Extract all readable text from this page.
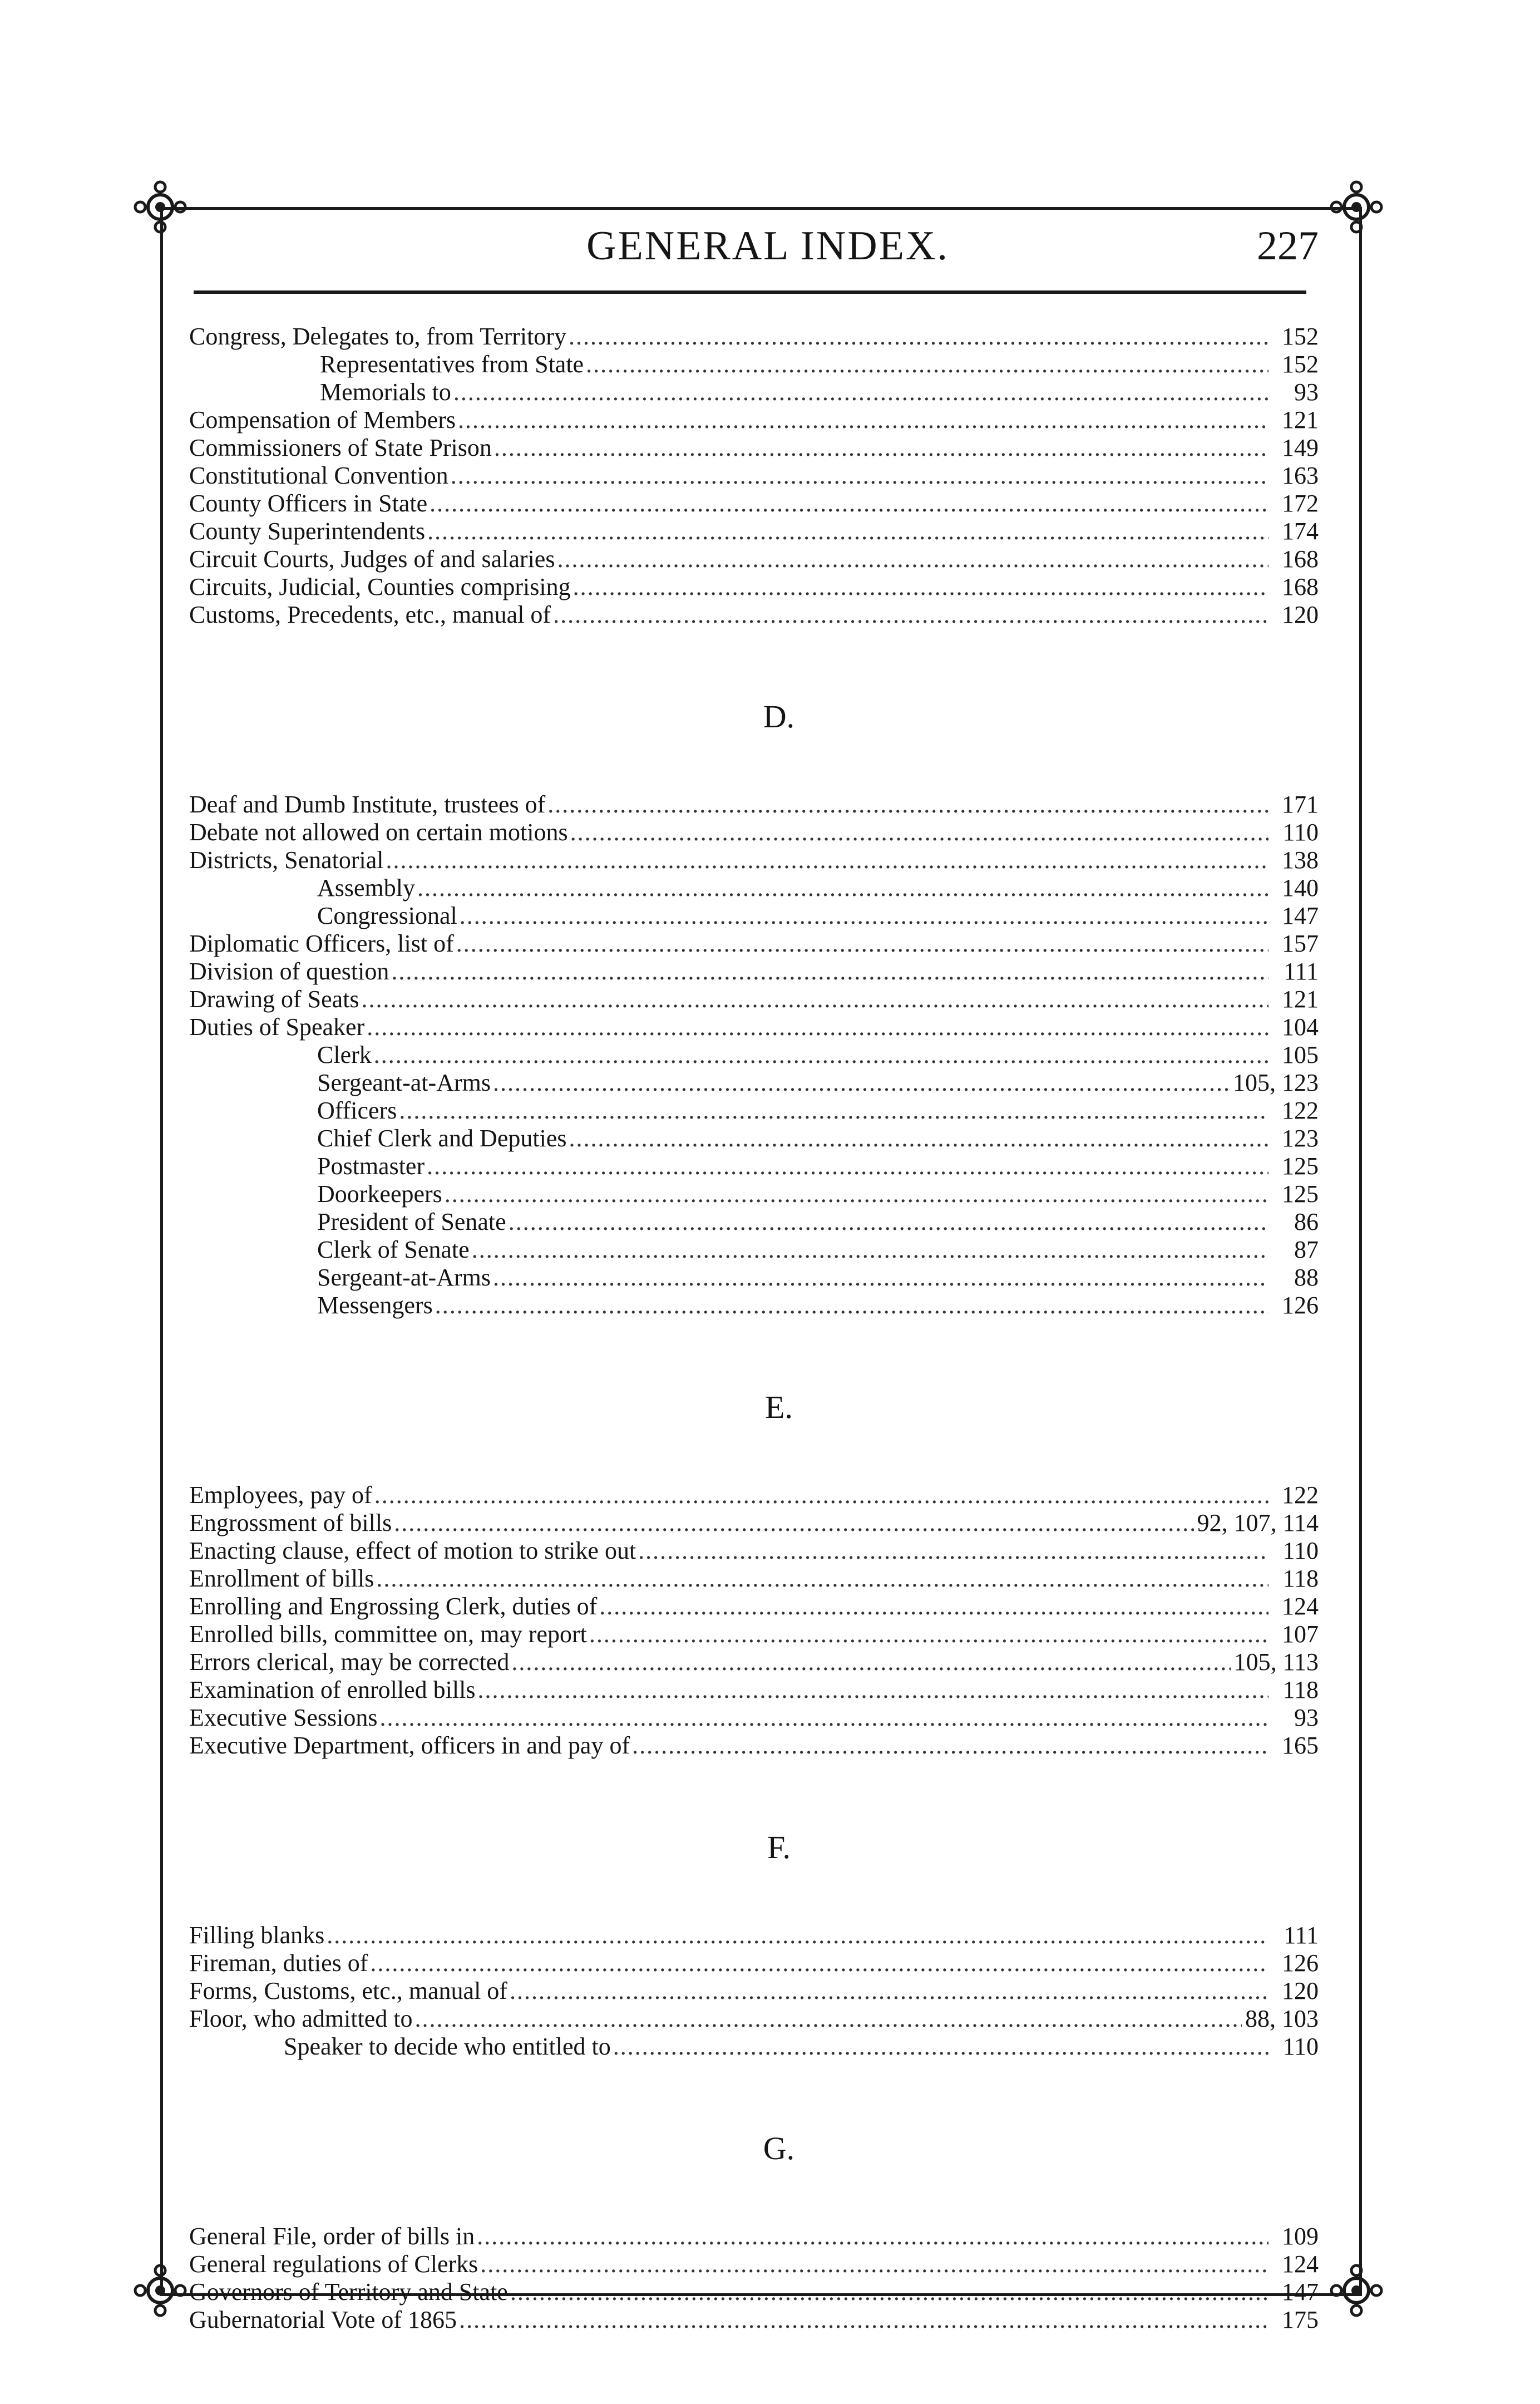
GENERAL INDEX.	227
Congress, Delegates to, from Territory .....	152
Representatives from State .....	152
Memorials to .....	93
Compensation of Members .....	121
Commissioners of State Prison .....	149
Constitutional Convention .....	163
County Officers in State .....	172
County Superintendents .....	174
Circuit Courts, Judges of and salaries .....	168
Circuits, Judicial, Counties comprising .....	168
Customs, Precedents, etc., manual of .....	120
D.
Deaf and Dumb Institute, trustees of .....	171
Debate not allowed on certain motions .....	110
Districts, Senatorial .....	138
Assembly .....	140
Congressional .....	147
Diplomatic Officers, list of .....	157
Division of question .....	111
Drawing of Seats .....	121
Duties of Speaker .....	104
Clerk .....	105
Sergeant-at-Arms .....	105, 123
Officers .....	122
Chief Clerk and Deputies .....	123
Postmaster .....	125
Doorkeepers .....	125
President of Senate .....	86
Clerk of Senate .....	87
Sergeant-at-Arms .....	88
Messengers .....	126
E.
Employees, pay of .....	122
Engrossment of bills .....	92, 107, 114
Enacting clause, effect of motion to strike out .....	110
Enrollment of bills .....	118
Enrolling and Engrossing Clerk, duties of .....	124
Enrolled bills, committee on, may report .....	107
Errors clerical, may be corrected .....	105, 113
Examination of enrolled bills .....	118
Executive Sessions .....	93
Executive Department, officers in and pay of .....	165
F.
Filling blanks .....	111
Fireman, duties of .....	126
Forms, Customs, etc., manual of .....	120
Floor, who admitted to .....	88, 103
Speaker to decide who entitled to .....	110
G.
General File, order of bills in .....	109
General regulations of Clerks .....	124
Governors of Territory and State .....	147
Gubernatorial Vote of 1865 .....	175
